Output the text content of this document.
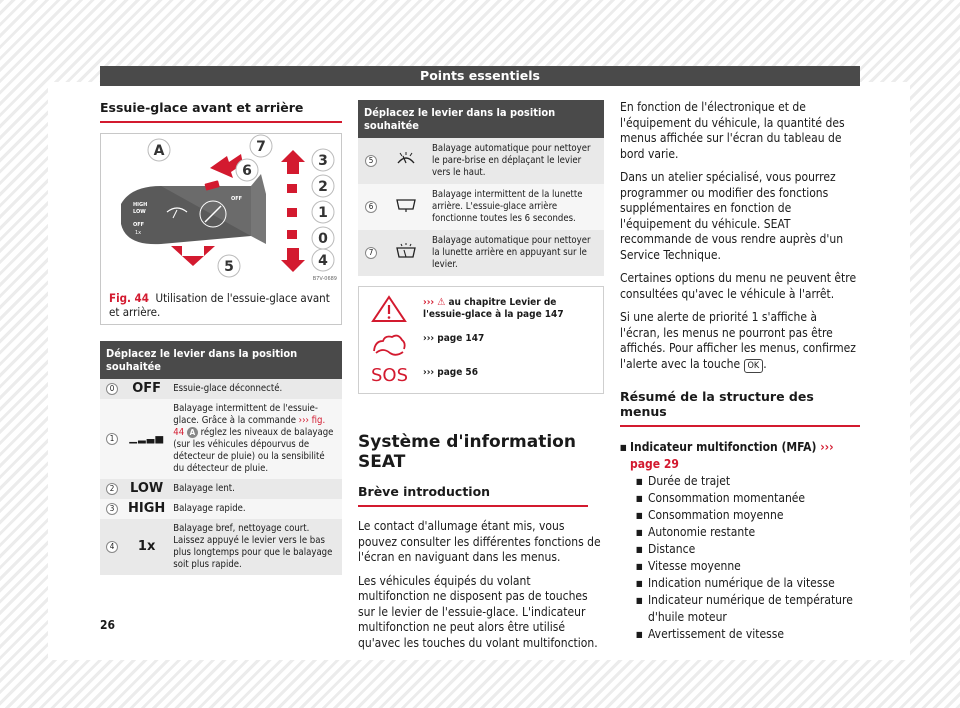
Points essentiels
Essuie-glace avant et arrière
HIGH
LOW
OFF
1x
OFF
A	7
6
3
2
1
0
4
5
B7V-0689
Fig. 44 Utilisation de l'essuie-glace avant et arrière.
Déplacez le levier dans la position souhaitée		
0	OFF	Essuie-glace déconnecté.
1	▁▂▃▅	Balayage intermittent de l'essuie-glace. Grâce à la commande ››› fig. 44 A réglez les niveaux de balayage (sur les véhicules dépourvus de détecteur de pluie) ou la sensibilité du détecteur de pluie.
2	LOW	Balayage lent.
3	HIGH	Balayage rapide.
4	1x	Balayage bref, nettoyage court. Laissez appuyé le levier vers le bas plus longtemps pour que le balayage soit plus rapide.
Déplacez le levier dans la position souhaitée		
5		Balayage automatique pour nettoyer le pare-brise en déplaçant le levier vers le haut.
6		Balayage intermittent de la lunette arrière. L'essuie-glace arrière fonctionne toutes les 6 secondes.
7		Balayage automatique pour nettoyer la lunette arrière en appuyant sur le levier.
››› ⚠ au chapitre Levier de l'essuie-glace à la page 147
››› page 147
SOS ››› page 56
Système d'information SEAT
Brève introduction

Le contact d'allumage étant mis, vous pouvez consulter les différentes fonctions de l'écran en naviguant dans les menus.

Les véhicules équipés du volant multifonction ne disposent pas de touches sur le levier de l'essuie-glace. L'indicateur multifonction ne peut alors être utilisé qu'avec les touches du volant multifonction.

En fonction de l'électronique et de l'équipement du véhicule, la quantité des menus affichée sur l'écran du tableau de bord varie.

Dans un atelier spécialisé, vous pourrez programmer ou modifier des fonctions supplémentaires en fonction de l'équipement du véhicule. SEAT recommande de vous rendre auprès d'un Service Technique.

Certaines options du menu ne peuvent être consultées qu'avec le véhicule à l'arrêt.

Si une alerte de priorité 1 s'affiche à l'écran, les menus ne pourront pas être affichés. Pour afficher les menus, confirmez l'alerte avec la touche OK .

Résumé de la structure des menus
■ Indicateur multifonction (MFA) ››› page 29
■ Durée de trajet
■ Consommation momentanée
■ Consommation moyenne
■ Autonomie restante
■ Distance
■ Vitesse moyenne
■ Indication numérique de la vitesse
■ Indicateur numérique de température d'huile moteur
■ Avertissement de vitesse
26
